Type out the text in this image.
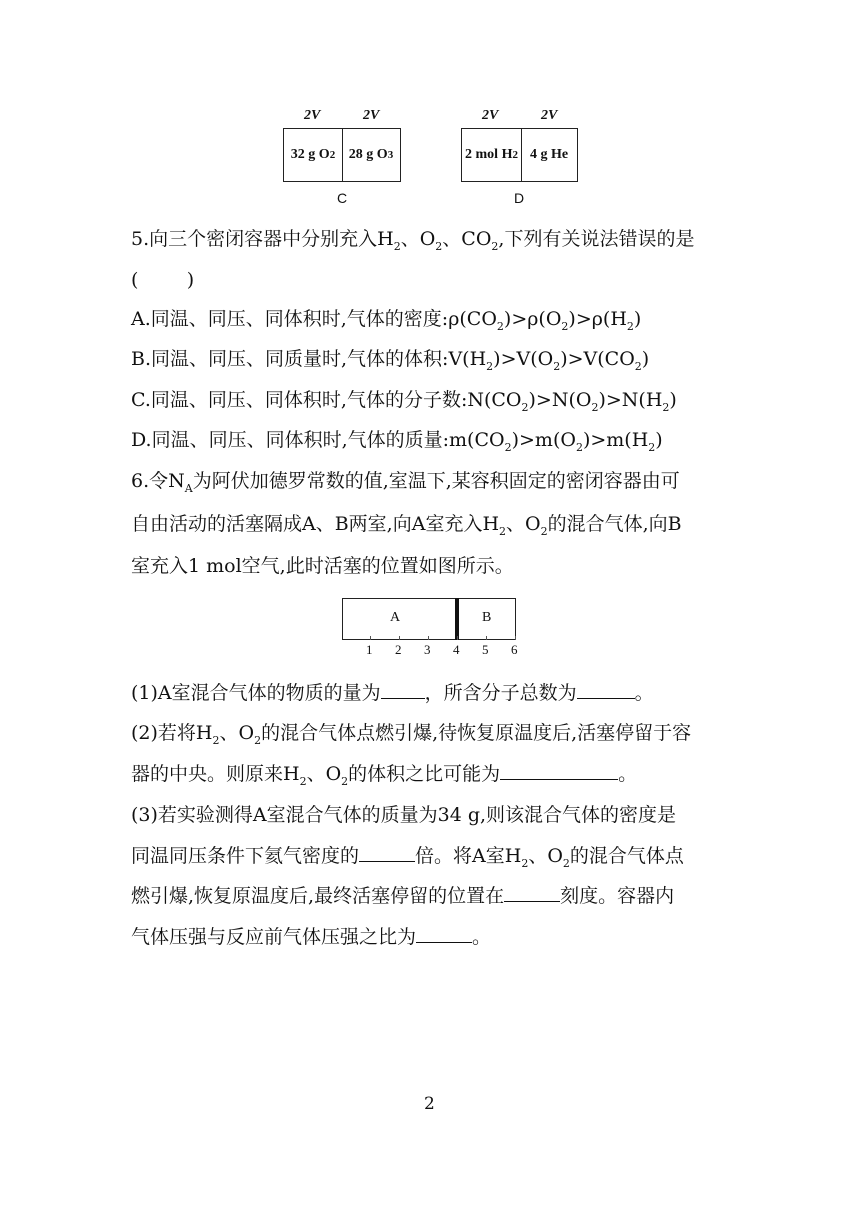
2V	2V
32 g O 2 28 g O 3
C
2V	2V
2 mol H 2 4 g He
D
5.向三个密闭容器中分别充入$H_2$、$O_2$、$CO_2$,下列有关说法错误的是
(        )
A.同温、同压、同体积时,气体的密度$:\rho(CO_2)>\rho(O_2)>\rho(H_2)$
B.同温、同压、同质量时,气体的体积$:V(H_2)>V(O_2)>V(CO_2)$
C.同温、同压、同体积时,气体的分子数$:N(CO_2)>N(O_2)>N(H_2)$
D.同温、同压、同体积时,气体的质量$:m(CO_2)>m(O_2)>m(H_2)$
6.令$N_A$为阿伏加德罗常数的值,室温下,某容积固定的密闭容器由可
自由活动的活塞隔成A、B两室,向A室充入$H_2$、$O_2$的混合气体,向B
室充入1 mol空气,此时活塞的位置如图所示。
A	B
1 2 3 4 5 6
(1)A室混合气体的物质的量为 ，所含分子总数为	。
(2)若将$H_2$、$O_2$的混合气体点燃引爆,待恢复原温度后,活塞停留于容
器的中央。则原来$H_2$、$O_2$的体积之比可能为	。
(3)若实验测得A室混合气体的质量为34 g,则该混合气体的密度是
同温同压条件下氦气密度的	倍。将A室$H_2$、$O_2$的混合气体点
燃引爆,恢复原温度后,最终活塞停留的位置在	刻度。容器内
气体压强与反应前气体压强之比为	。
2
